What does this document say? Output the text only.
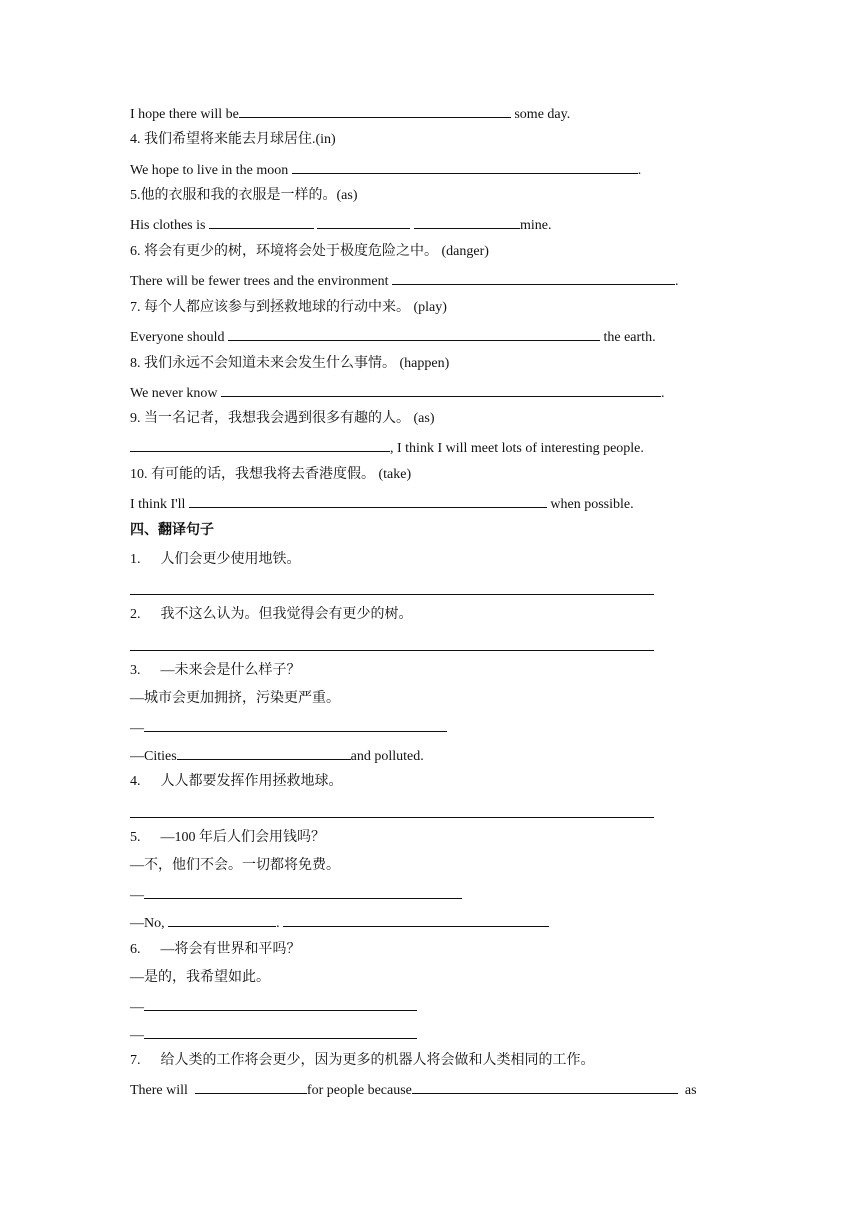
I hope there will be	some day.
4. 我们希望将来能去月球居住.(in)
We hope to live in the moon	.
5.他的衣服和我的衣服是一样的。(as)
His clothes is	mine.
6. 将会有更少的树，环境将会处于极度危险之中。 (danger)
There will be fewer trees and the environment	.
7. 每个人都应该参与到拯救地球的行动中来。 (play)
Everyone should	the earth.
8. 我们永远不会知道未来会发生什么事情。 (happen)
We never know	.
9. 当一名记者，我想我会遇到很多有趣的人。 (as)
, I think I will meet lots of interesting people.
10. 有可能的话，我想我将去香港度假。 (take)
I think I'll	when possible.
四、翻译句子
1. 人们会更少使用地铁。
2. 我不这么认为。但我觉得会有更少的树。
3. —未来会是什么样子？
—城市会更加拥挤，污染更严重。
—
—Cities	and polluted.
4. 人人都要发挥作用拯救地球。
5. —100 年后人们会用钱吗？
—不，他们不会。一切都将免费。
—
—No,	.
6. —将会有世界和平吗？
—是的，我希望如此。
—
—
7. 给人类的工作将会更少，因为更多的机器人将会做和人类相同的工作。
There will	for people because	as
